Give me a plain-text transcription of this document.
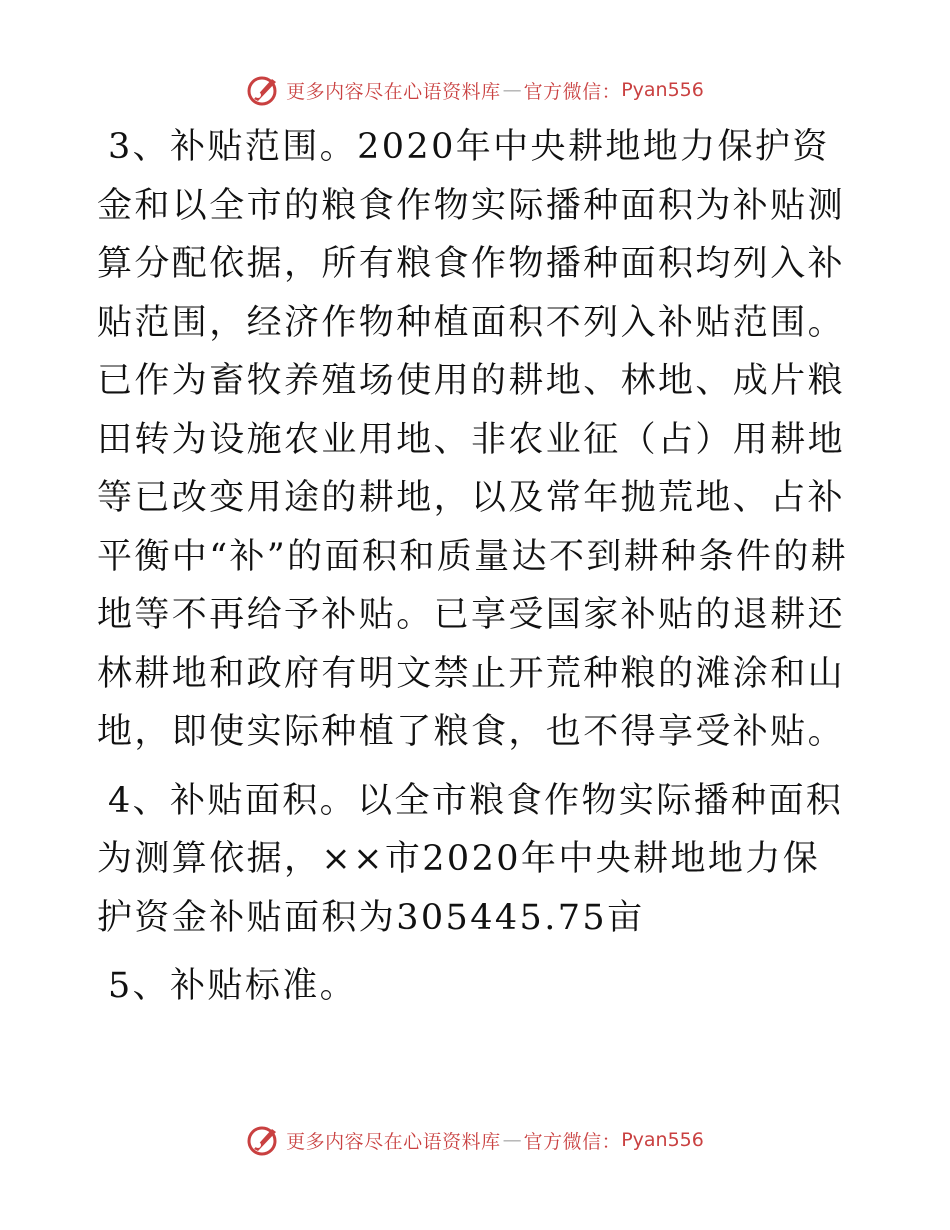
更多内容尽在心语资料库 — 官方微信： Pyan556

3、补贴范围。2020年中央耕地地力保护资金和以全市的粮食作物实际播种面积为补贴测算分配依据，所有粮食作物播种面积均列入补贴范围，经济作物种植面积不列入补贴范围。已作为畜牧养殖场使用的耕地、林地、成片粮田转为设施农业用地、非农业征（占）用耕地等已改变用途的耕地，以及常年抛荒地、占补平衡中“补”的面积和质量达不到耕种条件的耕地等不再给予补贴。已享受国家补贴的退耕还林耕地和政府有明文禁止开荒种粮的滩涂和山地，即使实际种植了粮食，也不得享受补贴。

4、补贴面积。以全市粮食作物实际播种面积为测算依据，××市2020年中央耕地地力保护资金补贴面积为305445.75亩

5、补贴标准。

更多内容尽在心语资料库 — 官方微信： Pyan556
